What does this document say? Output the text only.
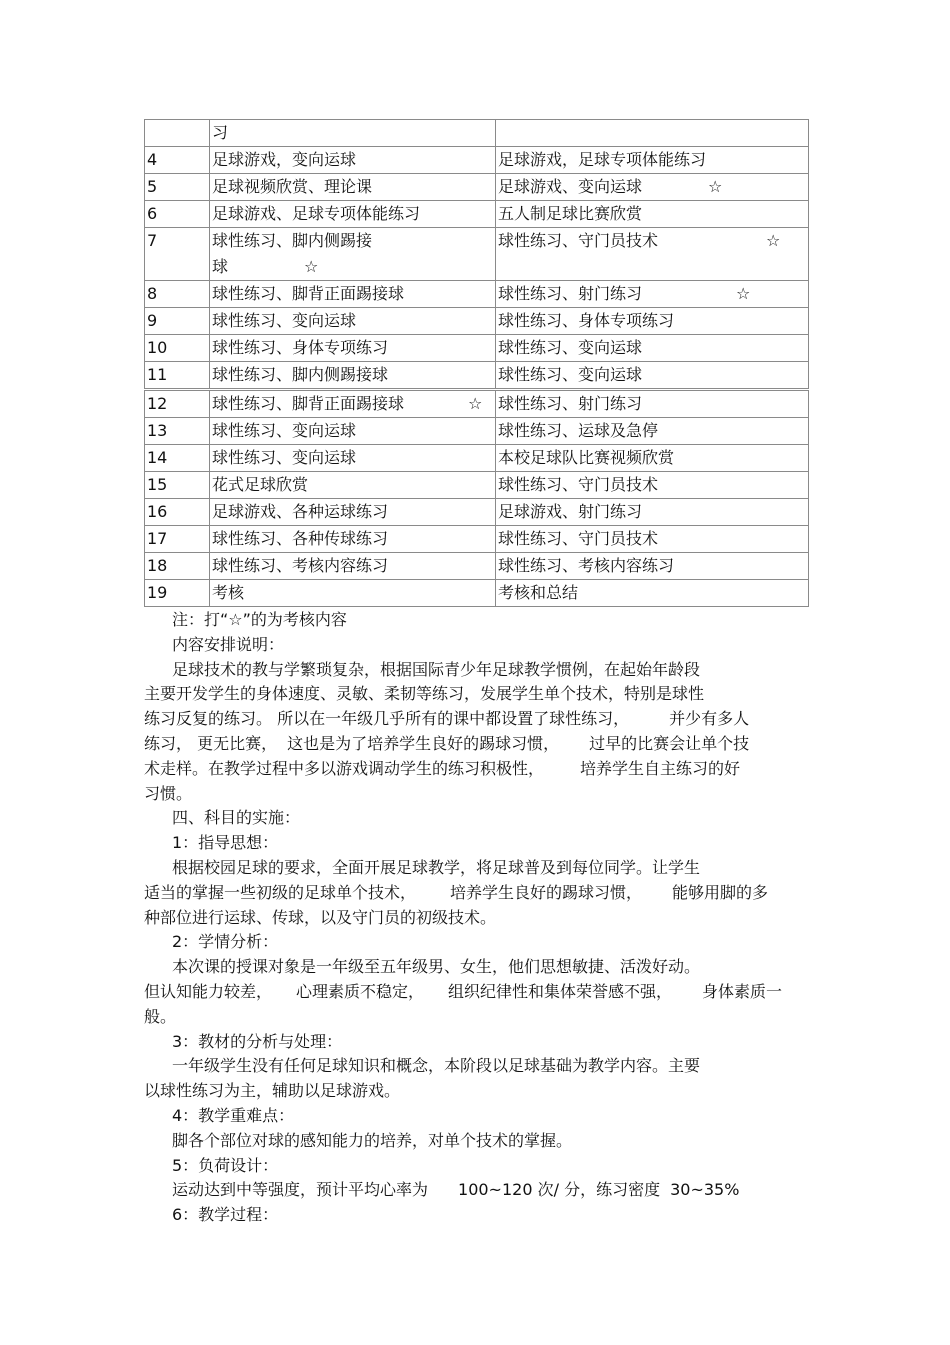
	习	

4	足球游戏，变向运球	足球游戏，足球专项体能练习

5	足球视频欣赏、理论课	足球游戏、变向运球 ☆

6	足球游戏、足球专项体能练习	五人制足球比赛欣赏

7	球性练习、脚内侧踢接
球 ☆	球性练习、守门员技术 ☆

8	球性练习、脚背正面踢接球	球性练习、射门练习 ☆

9	球性练习、变向运球	球性练习、身体专项练习

10	球性练习、身体专项练习	球性练习、变向运球

11	球性练习、脚内侧踢接球	球性练习、变向运球

12	球性练习、脚背正面踢接球 ☆	球性练习、射门练习

13	球性练习、变向运球	球性练习、运球及急停

14	球性练习、变向运球	本校足球队比赛视频欣赏

15	花式足球欣赏	球性练习、守门员技术

16	足球游戏、各种运球练习	足球游戏、射门练习

17	球性练习、各种传球练习	球性练习、守门员技术

18	球性练习、考核内容练习	球性练习、考核内容练习

19	考核	考核和总结

注：打“☆”的为考核内容

内容安排说明：

足球技术的教与学繁琐复杂，根据国际青少年足球教学惯例，在起始年龄段

主要开发学生的身体速度、灵敏、柔韧等练习，发展学生单个技术，特别是球性

练习反复的练习。 所以在一年级几乎所有的课中都设置了球性练习，	并少有多人

练习， 更无比赛， 这也是为了培养学生良好的踢球习惯， 过早的比赛会让单个技

术走样。在教学过程中多以游戏调动学生的练习积极性， 培养学生自主练习的好

习惯。

四、科目的实施：

1：指导思想：

根据校园足球的要求，全面开展足球教学，将足球普及到每位同学。让学生

适当的掌握一些初级的足球单个技术， 培养学生良好的踢球习惯， 能够用脚的多

种部位进行运球、传球，以及守门员的初级技术。

2：学情分析：

本次课的授课对象是一年级至五年级男、女生，他们思想敏捷、活泼好动。

但认知能力较差， 心理素质不稳定， 组织纪律性和集体荣誉感不强， 身体素质一

般。

3：教材的分析与处理：

一年级学生没有任何足球知识和概念，本阶段以足球基础为教学内容。主要

以球性练习为主，辅助以足球游戏。

4：教学重难点：

脚各个部位对球的感知能力的培养，对单个技术的掌握。

5：负荷设计：

运动达到中等强度，预计平均心率为 100~120 次/ 分，练习密度 30~35%

6：教学过程：
